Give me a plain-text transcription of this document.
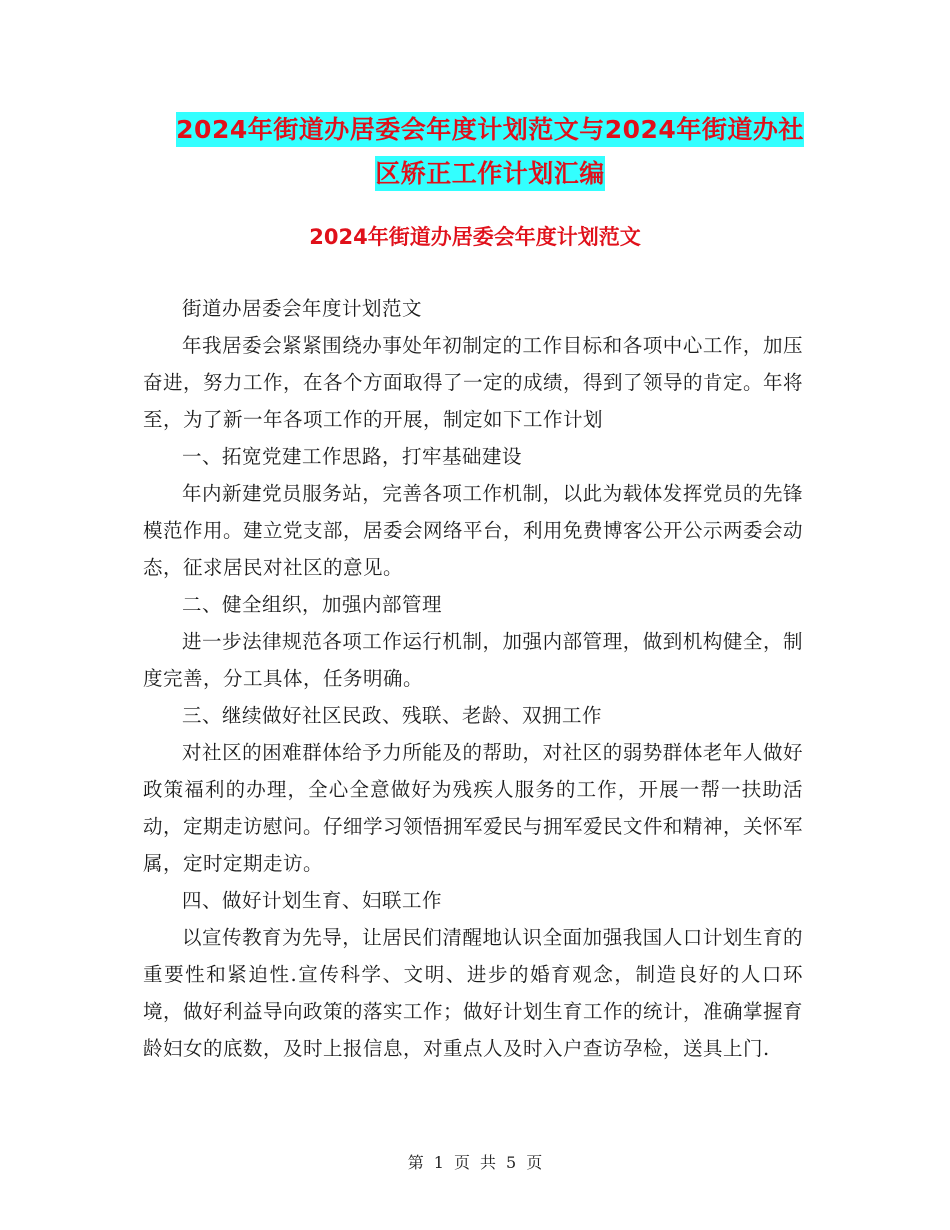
2024年街道办居委会年度计划范文与2024年街道办社
区矫正工作计划汇编
2024年街道办居委会年度计划范文

街道办居委会年度计划范文

年我居委会紧紧围绕办事处年初制定的工作目标和各项中心工作，加压奋进，努力工作，在各个方面取得了一定的成绩，得到了领导的肯定。年将至，为了新一年各项工作的开展，制定如下工作计划

一、拓宽党建工作思路，打牢基础建设

年内新建党员服务站，完善各项工作机制，以此为载体发挥党员的先锋模范作用。建立党支部，居委会网络平台，利用免费博客公开公示两委会动态，征求居民对社区的意见。

二、健全组织，加强内部管理

进一步法律规范各项工作运行机制，加强内部管理，做到机构健全，制度完善，分工具体，任务明确。

三、继续做好社区民政、残联、老龄、双拥工作

对社区的困难群体给予力所能及的帮助，对社区的弱势群体老年人做好政策福利的办理，全心全意做好为残疾人服务的工作，开展一帮一扶助活动，定期走访慰问。仔细学习领悟拥军爱民与拥军爱民文件和精神，关怀军属，定时定期走访。

四、做好计划生育、妇联工作

以宣传教育为先导，让居民们清醒地认识全面加强我国人口计划生育的重要性和紧迫性.宣传科学、文明、进步的婚育观念，制造良好的人口环境，做好利益导向政策的落实工作；做好计划生育工作的统计，准确掌握育龄妇女的底数，及时上报信息，对重点人及时入户查访孕检，送具上门.

第 1 页 共 5 页
